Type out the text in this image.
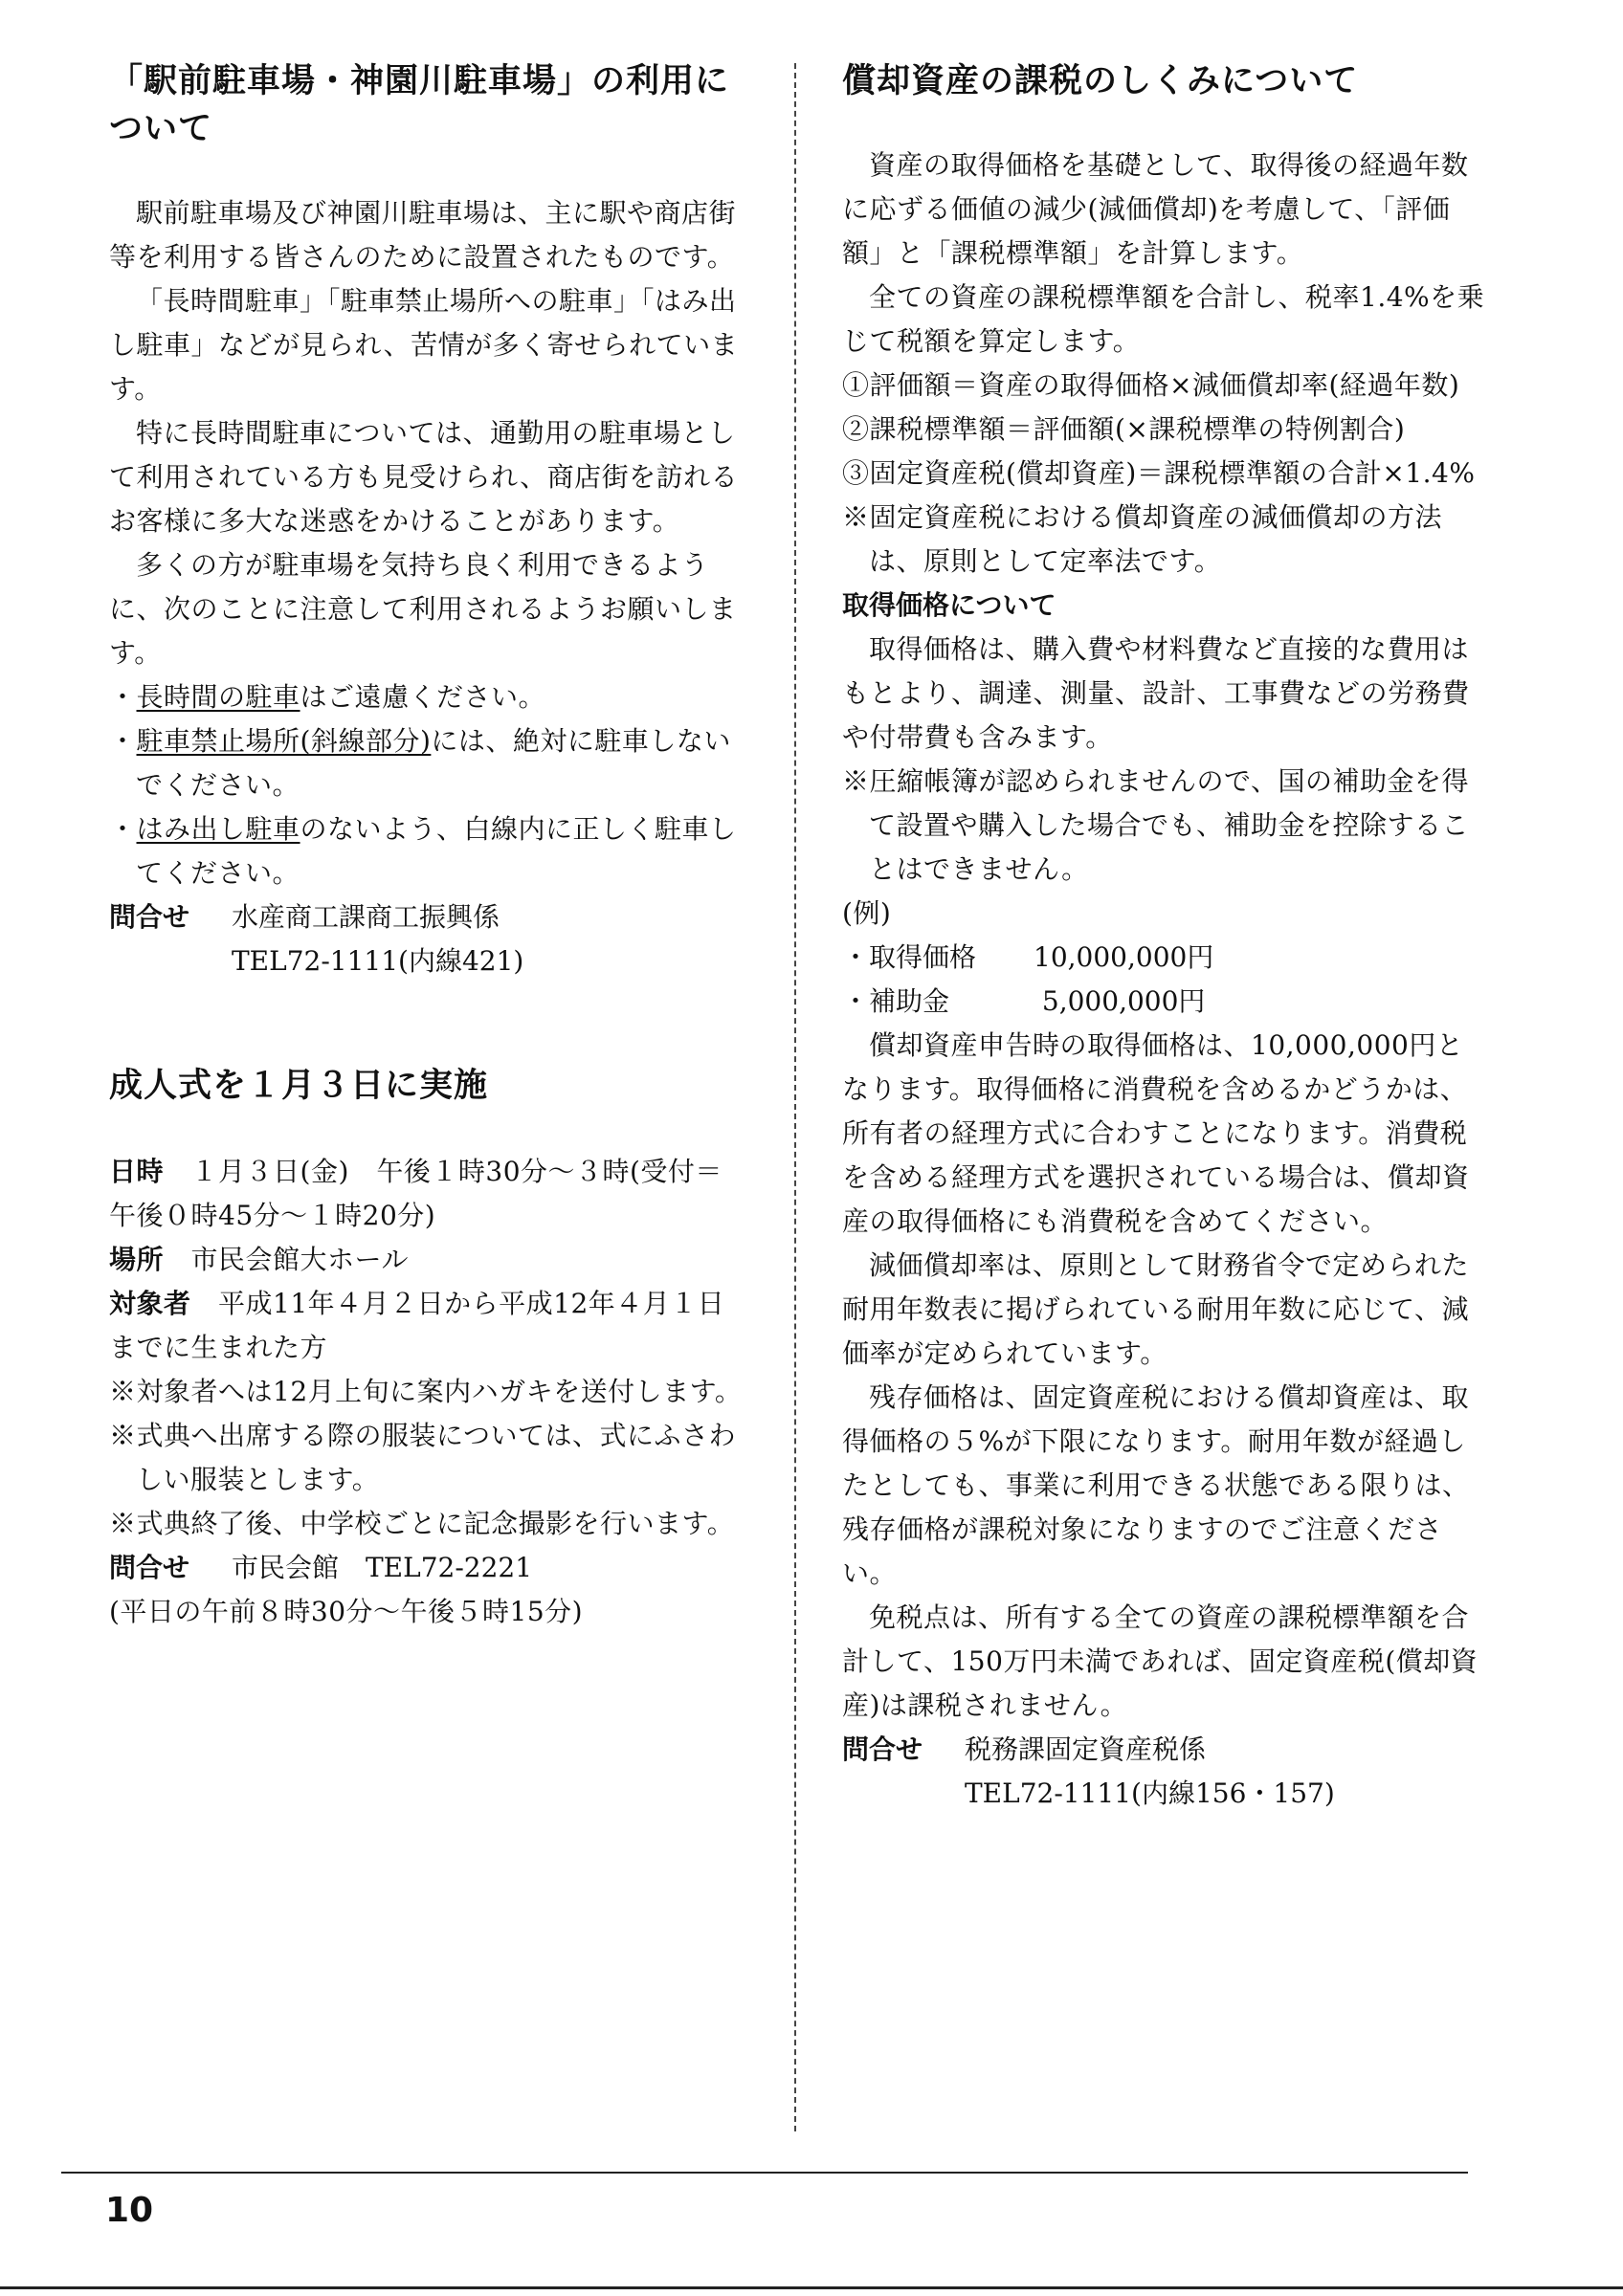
「駅前駐車場・神園川駐車場」の利用について

駅前駐車場及び神園川駐車場は、主に駅や商店街等を利用する皆さんのために設置されたものです。

「長時間駐車」「駐車禁止場所への駐車」「はみ出し駐車」などが見られ、苦情が多く寄せられています。

特に長時間駐車については、通勤用の駐車場として利用されている方も見受けられ、商店街を訪れるお客様に多大な迷惑をかけることがあります。

多くの方が駐車場を気持ち良く利用できるように、次のことに注意して利用されるようお願いします。

・長時間の駐車はご遠慮ください。

・駐車禁止場所(斜線部分)には、絶対に駐車しないでください。

・はみ出し駐車のないよう、白線内に正しく駐車してください。

問合せ 水産商工課商工振興係

TEL72-1111(内線421)

成人式を１月３日に実施

日時　 １月３日(金)　午後１時30分～３時(受付＝午後０時45分～１時20分)

場所　 市民会館大ホール

対象者　 平成11年４月２日から平成12年４月１日までに生まれた方

※対象者へは12月上旬に案内ハガキを送付します。

※式典へ出席する際の服装については、式にふさわしい服装とします。

※式典終了後、中学校ごとに記念撮影を行います。

問合せ 市民会館　TEL72-2221

(平日の午前８時30分～午後５時15分)

償却資産の課税のしくみについて

資産の取得価格を基礎として、取得後の経過年数に応ずる価値の減少(減価償却)を考慮して、「評価額」と「課税標準額」を計算します。

全ての資産の課税標準額を合計し、税率1.4%を乗じて税額を算定します。

①評価額＝資産の取得価格×減価償却率(経過年数)

②課税標準額＝評価額(×課税標準の特例割合)

③固定資産税(償却資産)＝課税標準額の合計×1.4%

※固定資産税における償却資産の減価償却の方法は、原則として定率法です。

取得価格について

取得価格は、購入費や材料費など直接的な費用はもとより、調達、測量、設計、工事費などの労務費や付帯費も含みます。

※圧縮帳簿が認められませんので、国の補助金を得て設置や購入した場合でも、補助金を控除することはできません。

(例)

・取得価格 10,000,000円

・補助金	5,000,000円

償却資産申告時の取得価格は、10,000,000円となります。取得価格に消費税を含めるかどうかは、所有者の経理方式に合わすことになります。消費税を含める経理方式を選択されている場合は、償却資産の取得価格にも消費税を含めてください。

減価償却率は、原則として財務省令で定められた耐用年数表に掲げられている耐用年数に応じて、減価率が定められています。

残存価格は、固定資産税における償却資産は、取得価格の５%が下限になります。耐用年数が経過したとしても、事業に利用できる状態である限りは、残存価格が課税対象になりますのでご注意ください。

免税点は、所有する全ての資産の課税標準額を合計して、150万円未満であれば、固定資産税(償却資産)は課税されません。

問合せ 税務課固定資産税係

TEL72-1111(内線156・157)

10
